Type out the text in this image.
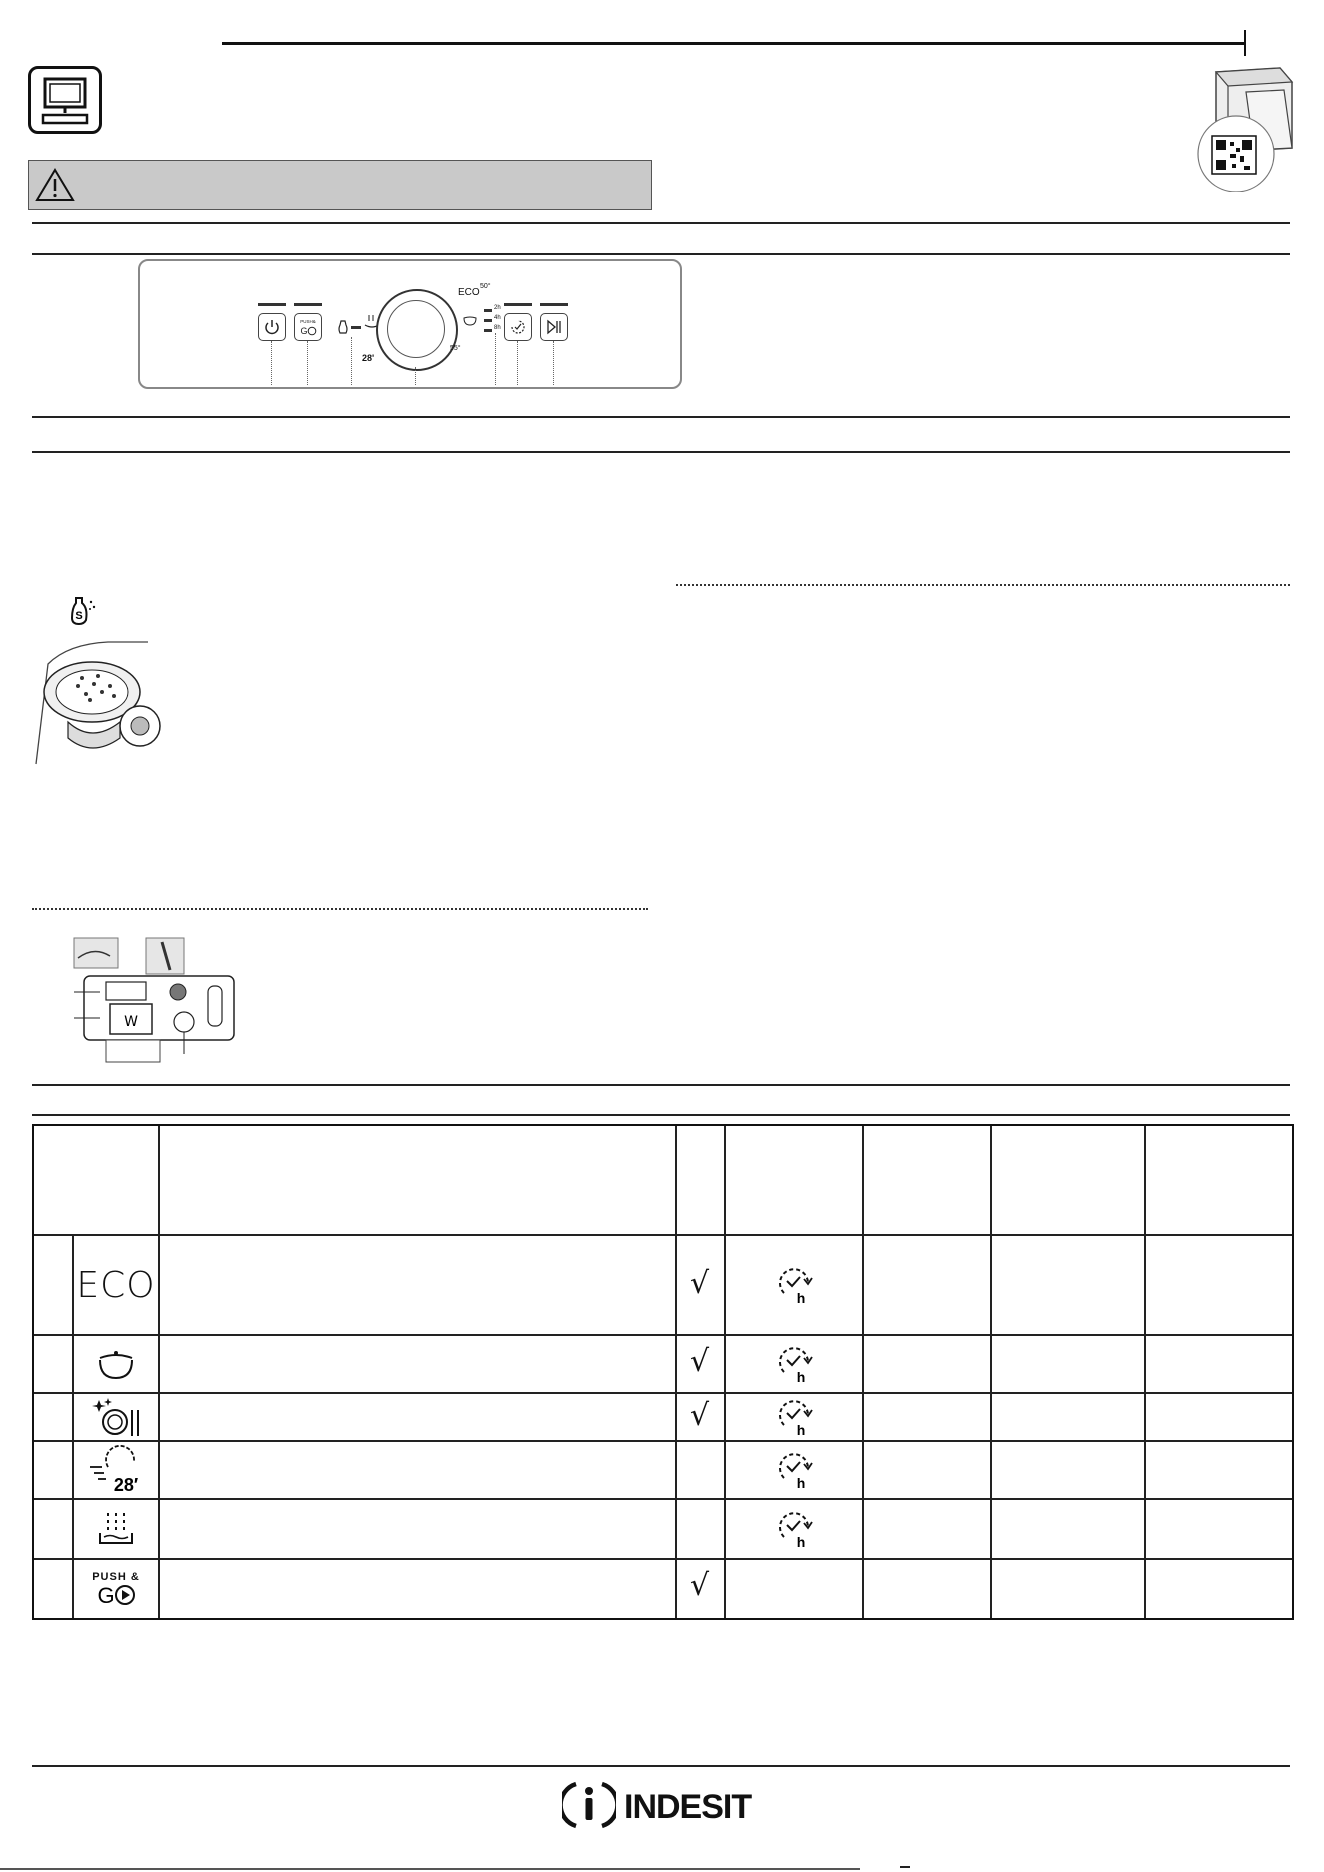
PUSH&
G
ECO
50°
28'
55°
2h
4h
8h
S
W
ECO
28′
PUSH &
G
√
√
√
√
h
h
h
h
h
INDESIT
